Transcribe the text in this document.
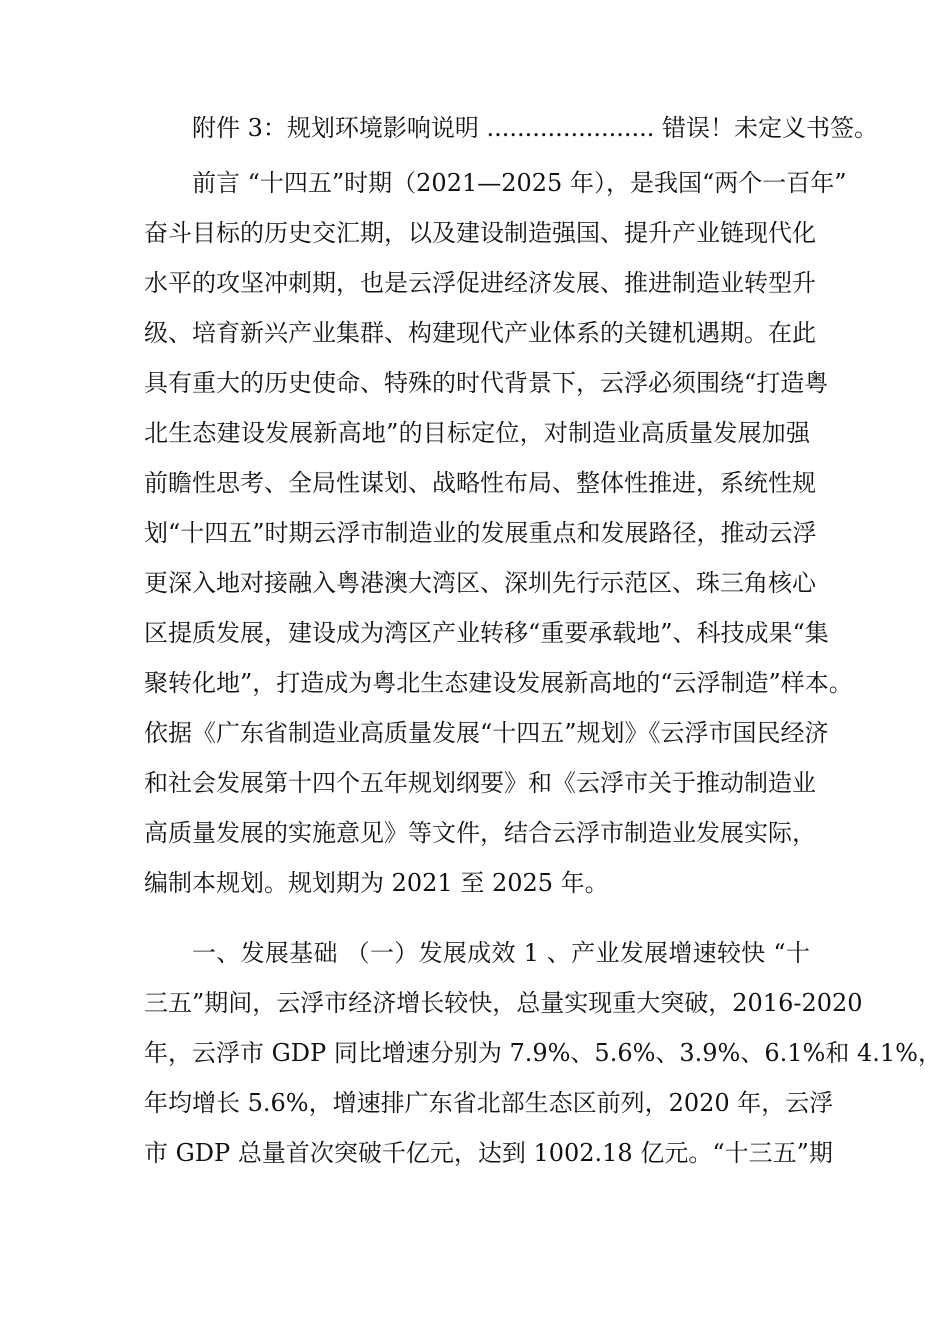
附件 3：规划环境影响说明 ...................... 错误！未定义书签。
前言 “十四五”时期（2021—2025 年），是我国“两个一百年”
奋斗目标的历史交汇期，以及建设制造强国、提升产业链现代化
水平的攻坚冲刺期，也是云浮促进经济发展、推进制造业转型升
级、培育新兴产业集群、构建现代产业体系的关键机遇期。在此
具有重大的历史使命、特殊的时代背景下，云浮必须围绕“打造粤
北生态建设发展新高地”的目标定位，对制造业高质量发展加强
前瞻性思考、全局性谋划、战略性布局、整体性推进，系统性规
划“十四五”时期云浮市制造业的发展重点和发展路径，推动云浮
更深入地对接融入粤港澳大湾区、深圳先行示范区、珠三角核心
区提质发展，建设成为湾区产业转移“重要承载地”、科技成果“集
聚转化地”，打造成为粤北生态建设发展新高地的“云浮制造”样本。
依据《广东省制造业高质量发展“十四五”规划》《云浮市国民经济
和社会发展第十四个五年规划纲要》和《云浮市关于推动制造业
高质量发展的实施意见》等文件，结合云浮市制造业发展实际，
编制本规划。规划期为 2021 至 2025 年。
一、发展基础 （一）发展成效 1 、产业发展增速较快 “十
三五”期间，云浮市经济增长较快，总量实现重大突破，2016-2020
年，云浮市 GDP 同比增速分别为 7.9%、5.6%、3.9%、6.1%和 4.1%，
年均增长 5.6%，增速排广东省北部生态区前列，2020 年，云浮
市 GDP 总量首次突破千亿元，达到 1002.18 亿元。“十三五”期
